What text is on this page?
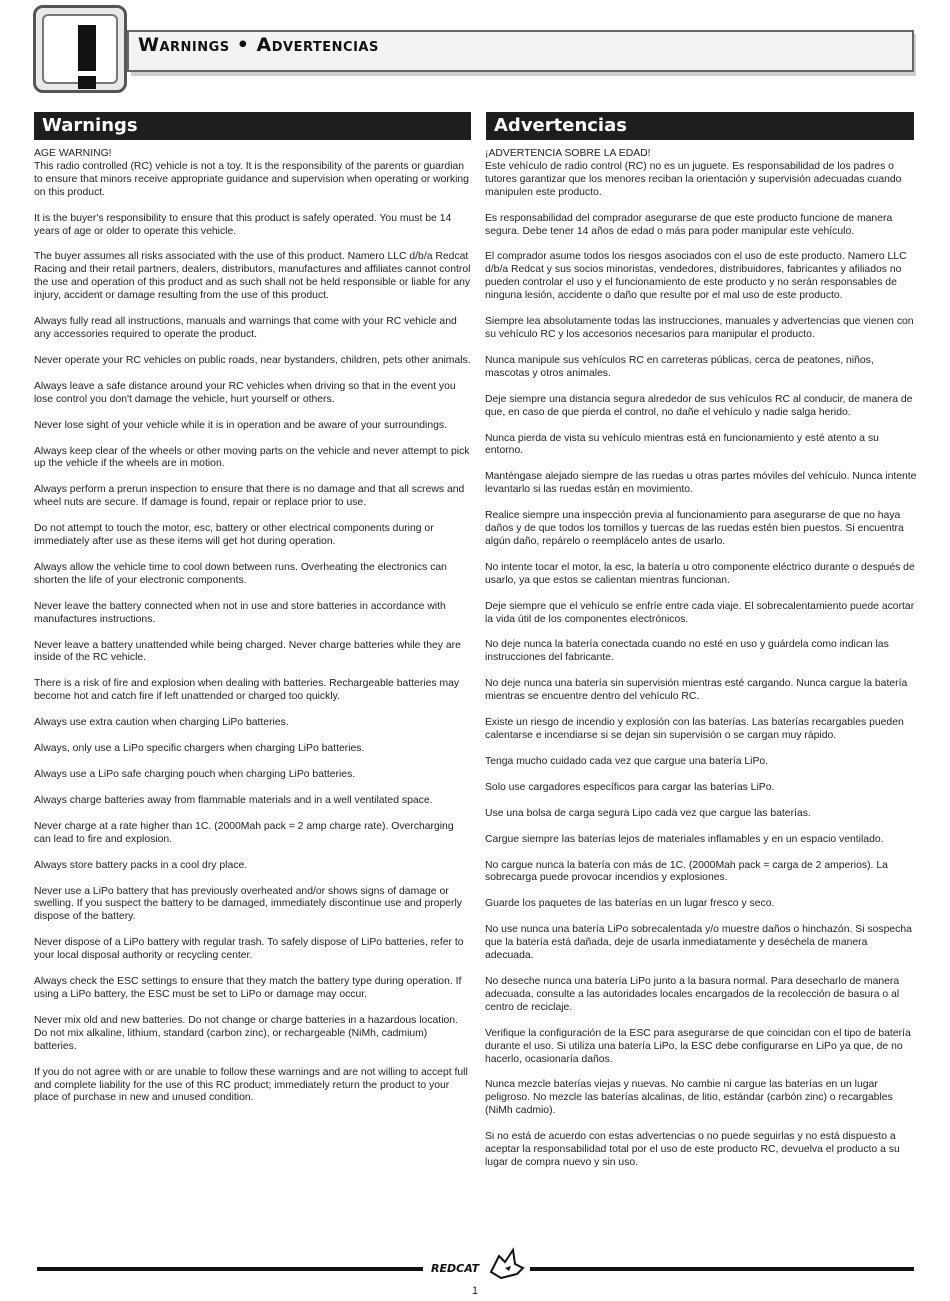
Warnings • Advertencias
Warnings	Advertencias

AGE WARNING!

This radio controlled (RC) vehicle is not a toy. It is the responsibility of the parents or guardian to ensure that minors receive appropriate guidance and supervision when operating or working on this product.

It is the buyer's responsibility to ensure that this product is safely operated. You must be 14 years of age or older to operate this vehicle.

The buyer assumes all risks associated with the use of this product. Namero LLC d/b/a Redcat Racing and their retail partners, dealers, distributors, manufactures and affiliates cannot control the use and operation of this product and as such shall not be held responsible or liable for any injury, accident or damage resulting from the use of this product.

Always fully read all instructions, manuals and warnings that come with your RC vehicle and any accessories required to operate the product.

Never operate your RC vehicles on public roads, near bystanders, children, pets other animals.

Always leave a safe distance around your RC vehicles when driving so that in the event you lose control you don't damage the vehicle, hurt yourself or others.

Never lose sight of your vehicle while it is in operation and be aware of your surroundings.

Always keep clear of the wheels or other moving parts on the vehicle and never attempt to pick up the vehicle if the wheels are in motion.

Always perform a prerun inspection to ensure that there is no damage and that all screws and wheel nuts are secure. If damage is found, repair or replace prior to use.

Do not attempt to touch the motor, esc, battery or other electrical components during or immediately after use as these items will get hot during operation.

Always allow the vehicle time to cool down between runs. Overheating the electronics can shorten the life of your electronic components.

Never leave the battery connected when not in use and store batteries in accordance with manufactures instructions.

Never leave a battery unattended while being charged. Never charge batteries while they are inside of the RC vehicle.

There is a risk of fire and explosion when dealing with batteries. Rechargeable batteries may become hot and catch fire if left unattended or charged too quickly.

Always use extra caution when charging LiPo batteries.

Always, only use a LiPo specific chargers when charging LiPo batteries.

Always use a LiPo safe charging pouch when charging LiPo batteries.

Always charge batteries away from flammable materials and in a well ventilated space.

Never charge at a rate higher than 1C. (2000Mah pack = 2 amp charge rate). Overcharging can lead to fire and explosion.

Always store battery packs in a cool dry place.

Never use a LiPo battery that has previously overheated and/or shows signs of damage or swelling. If you suspect the battery to be damaged, immediately discontinue use and properly dispose of the battery.

Never dispose of a LiPo battery with regular trash. To safely dispose of LiPo batteries, refer to your local disposal authority or recycling center.

Always check the ESC settings to ensure that they match the battery type during operation. If using a LiPo battery, the ESC must be set to LiPo or damage may occur.

Never mix old and new batteries. Do not change or charge batteries in a hazardous location. Do not mix alkaline, lithium, standard (carbon zinc), or rechargeable (NiMh, cadmium) batteries.

If you do not agree with or are unable to follow these warnings and are not willing to accept full and complete liability for the use of this RC product; immediately return the product to your place of purchase in new and unused condition.

¡ADVERTENCIA SOBRE LA EDAD!

Este vehículo de radio control (RC) no es un juguete. Es responsabilidad de los padres o tutores garantizar que los menores reciban la orientación y supervisión adecuadas cuando manipulen este producto.

Es responsabilidad del comprador asegurarse de que este producto funcione de manera segura. Debe tener 14 años de edad o más para poder manipular este vehículo.

El comprador asume todos los riesgos asociados con el uso de este producto. Namero LLC d/b/a Redcat y sus socios minoristas, vendedores, distribuidores, fabricantes y afiliados no pueden controlar el uso y el funcionamiento de este producto y no serán responsables de ninguna lesión, accidente o daño que resulte por el mal uso de este producto.

Siempre lea absolutamente todas las instrucciones, manuales y advertencias que vienen con su vehículo RC y los accesorios necesarios para manipular el producto.

Nunca manipule sus vehículos RC en carreteras públicas, cerca de peatones, niños, mascotas y otros animales.

Deje siempre una distancia segura alrededor de sus vehículos RC al conducir, de manera de que, en caso de que pierda el control, no dañe el vehículo y nadie salga herido.

Nunca pierda de vista su vehículo mientras está en funcionamiento y esté atento a su entorno.

Manténgase alejado siempre de las ruedas u otras partes móviles del vehículo. Nunca intente levantarlo si las ruedas están en movimiento.

Realice siempre una inspección previa al funcionamiento para asegurarse de que no haya daños y de que todos los tornillos y tuercas de las ruedas estén bien puestos. Si encuentra algún daño, repárelo o reemplácelo antes de usarlo.

No intente tocar el motor, la esc, la batería u otro componente eléctrico durante o después de usarlo, ya que estos se calientan mientras funcionan.

Deje siempre que el vehículo se enfríe entre cada viaje. El sobrecalentamiento puede acortar la vida útil de los componentes electrónicos.

No deje nunca la batería conectada cuando no esté en uso y guárdela como indican las instrucciones del fabricante.

No deje nunca una batería sin supervisión mientras esté cargando. Nunca cargue la batería mientras se encuentre dentro del vehículo RC.

Existe un riesgo de incendio y explosión con las baterías. Las baterías recargables pueden calentarse e incendiarse si se dejan sin supervisión o se cargan muy rápido.

Tenga mucho cuidado cada vez que cargue una batería LiPo.

Solo use cargadores específicos para cargar las baterías LiPo.

Use una bolsa de carga segura Lipo cada vez que cargue las baterías.

Cargue siempre las baterías lejos de materiales inflamables y en un espacio ventilado.

No cargue nunca la batería con más de 1C. (2000Mah pack = carga de 2 amperios). La sobrecarga puede provocar incendios y explosiones.

Guarde los paquetes de las baterías en un lugar fresco y seco.

No use nunca una batería LiPo sobrecalentada y/o muestre daños o hinchazón. Si sospecha que la batería está dañada, deje de usarla inmediatamente y deséchela de manera adecuada.

No deseche nunca una batería LiPo junto a la basura normal. Para desecharlo de manera adecuada, consulte a las autoridades locales encargados de la recolección de basura o al centro de reciclaje.

Verifique la configuración de la ESC para asegurarse de que coincidan con el tipo de batería durante el uso. Si utiliza una batería LiPo, la ESC debe configurarse en LiPo ya que, de no hacerlo, ocasionaría daños.

Nunca mezcle baterías viejas y nuevas. No cambie ni cargue las baterías en un lugar peligroso. No mezcle las baterías alcalinas, de litio, estándar (carbón zinc) o recargables (NiMh cadmio).

Si no está de acuerdo con estas advertencias o no puede seguirlas y no está dispuesto a aceptar la responsabilidad total por el uso de este producto RC, devuelva el producto a su lugar de compra nuevo y sin uso.

REDCAT
1
